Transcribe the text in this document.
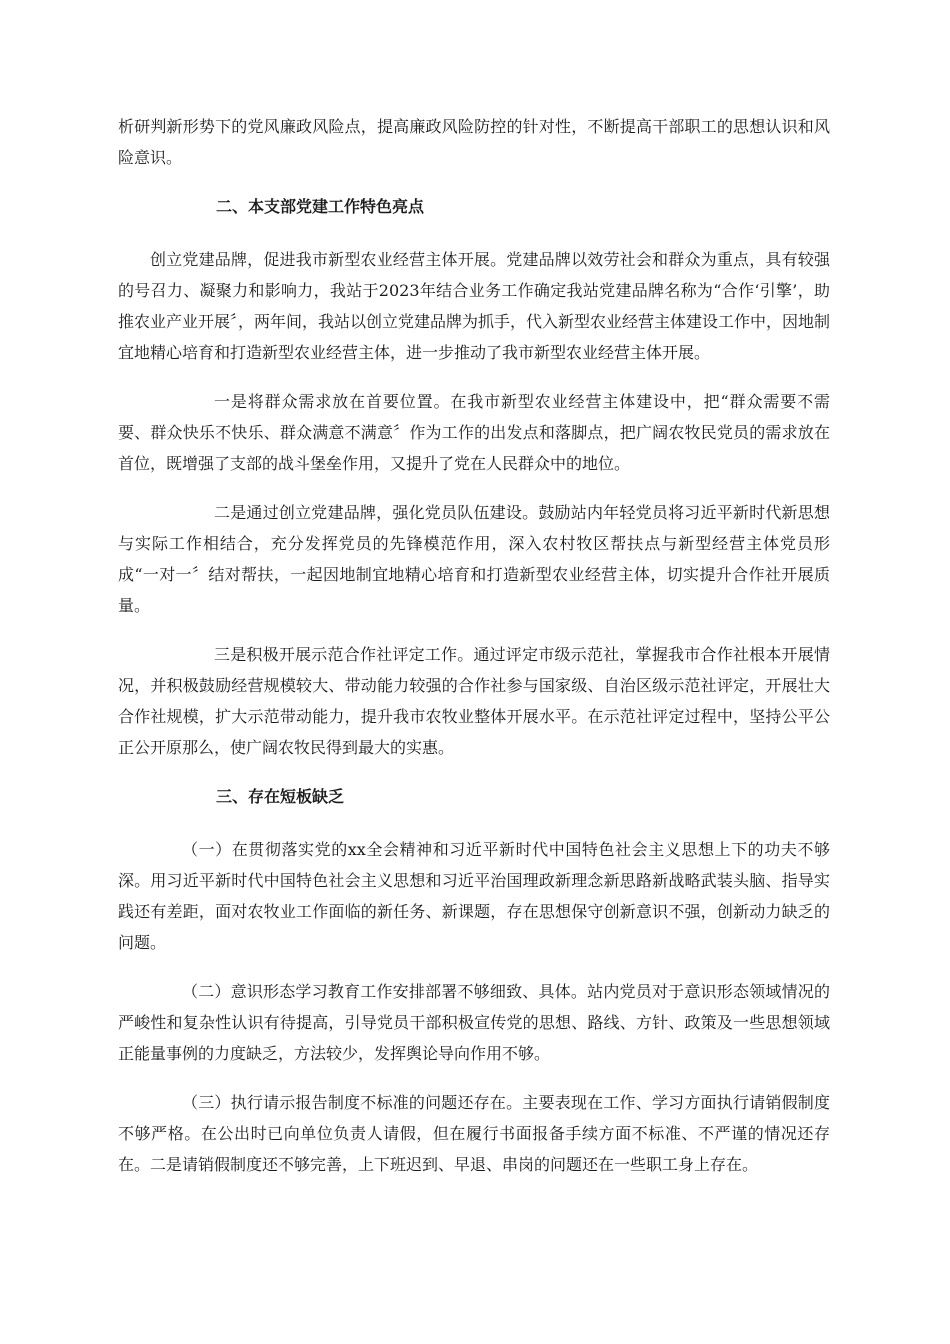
析研判新形势下的党风廉政风险点，提高廉政风险防控的针对性，不断提高干部职工的思想认识和风险意识。

二、本支部党建工作特色亮点

创立党建品牌，促进我市新型农业经营主体开展。党建品牌以效劳社会和群众为重点，具有较强的号召力、凝聚力和影响力，我站于2023年结合业务工作确定我站党建品牌名称为“合作‘引擎’，助推农业产业开展〞，两年间，我站以创立党建品牌为抓手，代入新型农业经营主体建设工作中，因地制宜地精心培育和打造新型农业经营主体，进一步推动了我市新型农业经营主体开展。

一是将群众需求放在首要位置。在我市新型农业经营主体建设中，把“群众需要不需要、群众快乐不快乐、群众满意不满意〞作为工作的出发点和落脚点，把广阔农牧民党员的需求放在首位，既增强了支部的战斗堡垒作用，又提升了党在人民群众中的地位。

二是通过创立党建品牌，强化党员队伍建设。鼓励站内年轻党员将习近平新时代新思想与实际工作相结合，充分发挥党员的先锋模范作用，深入农村牧区帮扶点与新型经营主体党员形成“一对一〞结对帮扶，一起因地制宜地精心培育和打造新型农业经营主体，切实提升合作社开展质量。

三是积极开展示范合作社评定工作。通过评定市级示范社，掌握我市合作社根本开展情况，并积极鼓励经营规模较大、带动能力较强的合作社参与国家级、自治区级示范社评定，开展壮大合作社规模，扩大示范带动能力，提升我市农牧业整体开展水平。在示范社评定过程中，坚持公平公正公开原那么，使广阔农牧民得到最大的实惠。

三、存在短板缺乏

（一）在贯彻落实党的xx全会精神和习近平新时代中国特色社会主义思想上下的功夫不够深。用习近平新时代中国特色社会主义思想和习近平治国理政新理念新思路新战略武装头脑、指导实践还有差距，面对农牧业工作面临的新任务、新课题，存在思想保守创新意识不强，创新动力缺乏的问题。

（二）意识形态学习教育工作安排部署不够细致、具体。站内党员对于意识形态领域情况的严峻性和复杂性认识有待提高，引导党员干部积极宣传党的思想、路线、方针、政策及一些思想领域正能量事例的力度缺乏，方法较少，发挥舆论导向作用不够。

（三）执行请示报告制度不标准的问题还存在。主要表现在工作、学习方面执行请销假制度不够严格。在公出时已向单位负责人请假，但在履行书面报备手续方面不标准、不严谨的情况还存在。二是请销假制度还不够完善，上下班迟到、早退、串岗的问题还在一些职工身上存在。
